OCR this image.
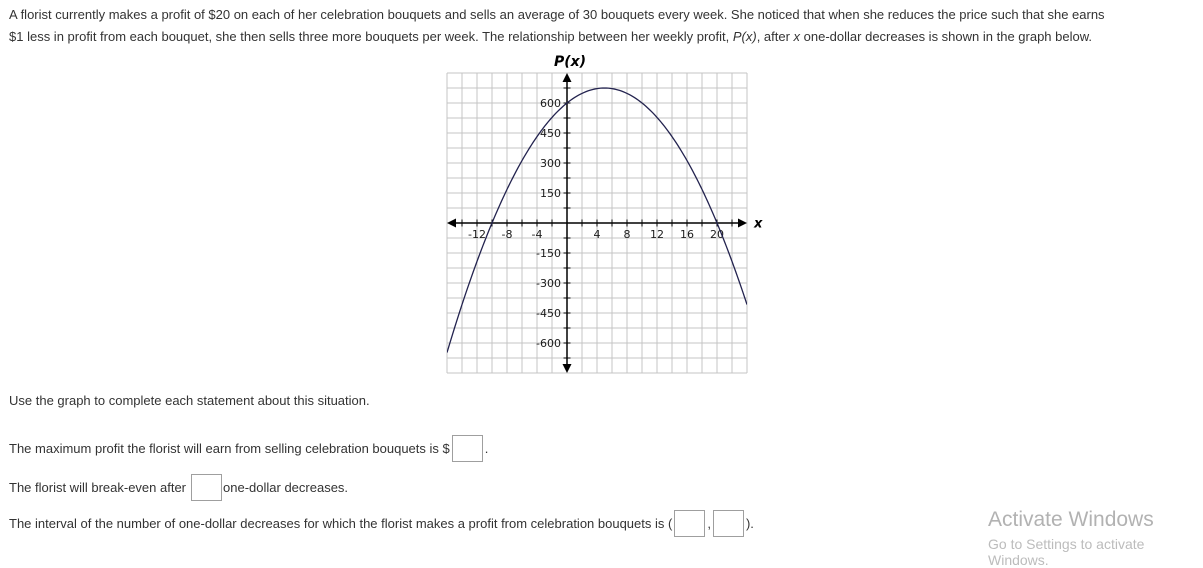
A florist currently makes a profit of $20 on each of her celebration bouquets and sells an average of 30 bouquets every week. She noticed that when she reduces the price such that she earns
$1 less in profit from each bouquet, she then sells three more bouquets per week. The relationship between her weekly profit, P(x), after x one-dollar decreases is shown in the graph below.

-12 -8 -4	4 8 12 16 20
600
450
300
150
-150
-300
-450
-600
P(x)
x
Use the graph to complete each statement about this situation.
The maximum profit the florist will earn from selling celebration bouquets is $	.
The florist will break-even after	one-dollar decreases.
The interval of the number of one-dollar decreases for which the florist makes a profit from celebration bouquets is (	,	).	Activate Windows
Go to Settings to activate Windows.
